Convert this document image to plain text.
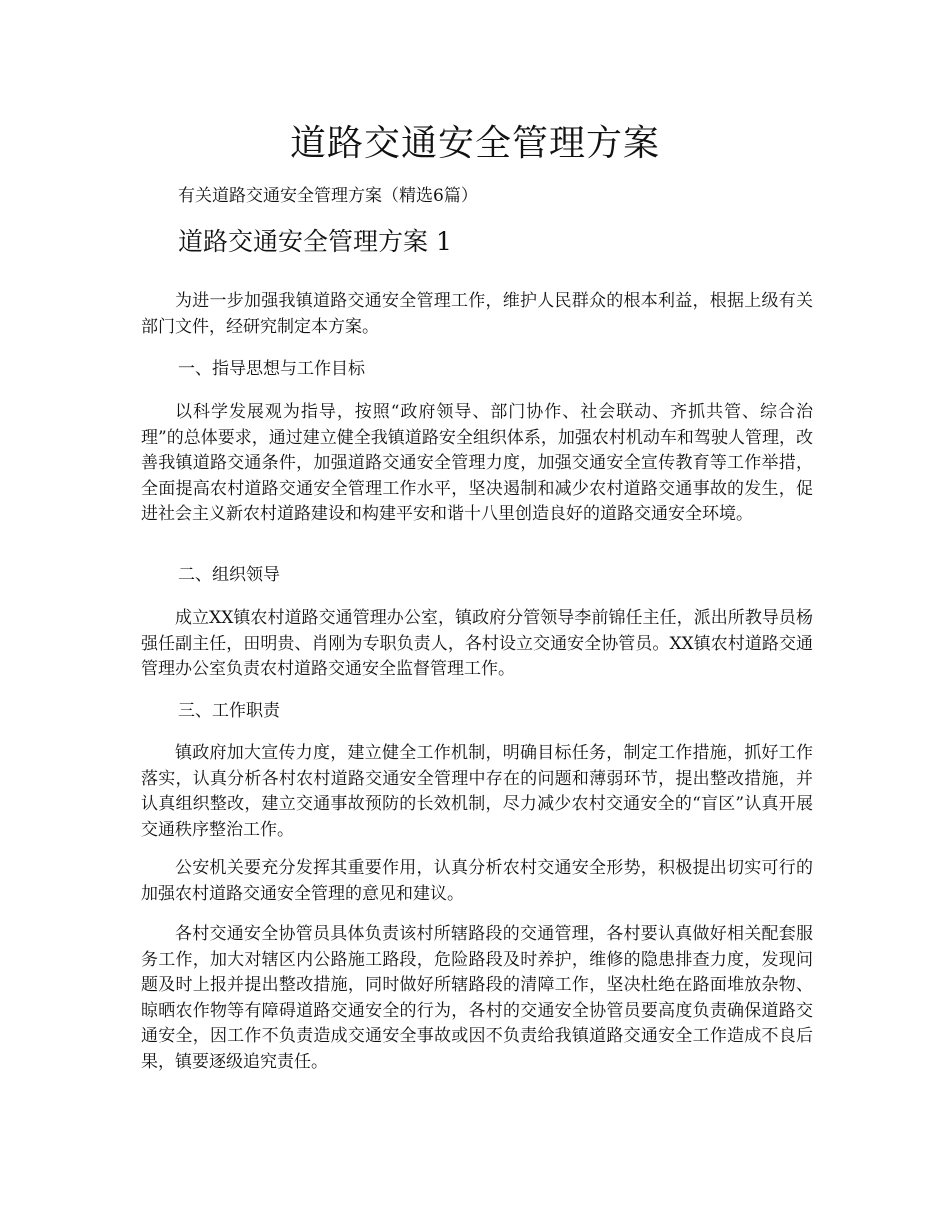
道路交通安全管理方案
有关道路交通安全管理方案（精选6篇）
道路交通安全管理方案 1

为进一步加强我镇道路交通安全管理工作，维护人民群众的根本利益，根据上级有关部门文件，经研究制定本方案。

一、指导思想与工作目标

以科学发展观为指导，按照“政府领导、部门协作、社会联动、齐抓共管、综合治理”的总体要求，通过建立健全我镇道路安全组织体系，加强农村机动车和驾驶人管理，改善我镇道路交通条件，加强道路交通安全管理力度，加强交通安全宣传教育等工作举措，全面提高农村道路交通安全管理工作水平，坚决遏制和减少农村道路交通事故的发生，促进社会主义新农村道路建设和构建平安和谐十八里创造良好的道路交通安全环境。

二、组织领导

成立XX镇农村道路交通管理办公室，镇政府分管领导李前锦任主任，派出所教导员杨强任副主任，田明贵、肖刚为专职负责人，各村设立交通安全协管员。XX镇农村道路交通管理办公室负责农村道路交通安全监督管理工作。

三、工作职责

镇政府加大宣传力度，建立健全工作机制，明确目标任务，制定工作措施，抓好工作落实，认真分析各村农村道路交通安全管理中存在的问题和薄弱环节，提出整改措施，并认真组织整改，建立交通事故预防的长效机制，尽力减少农村交通安全的“盲区”认真开展交通秩序整治工作。

公安机关要充分发挥其重要作用，认真分析农村交通安全形势，积极提出切实可行的加强农村道路交通安全管理的意见和建议。

各村交通安全协管员具体负责该村所辖路段的交通管理，各村要认真做好相关配套服务工作，加大对辖区内公路施工路段，危险路段及时养护，维修的隐患排查力度，发现问题及时上报并提出整改措施，同时做好所辖路段的清障工作，坚决杜绝在路面堆放杂物、晾晒农作物等有障碍道路交通安全的行为，各村的交通安全协管员要高度负责确保道路交通安全，因工作不负责造成交通安全事故或因不负责给我镇道路交通安全工作造成不良后果，镇要逐级追究责任。
